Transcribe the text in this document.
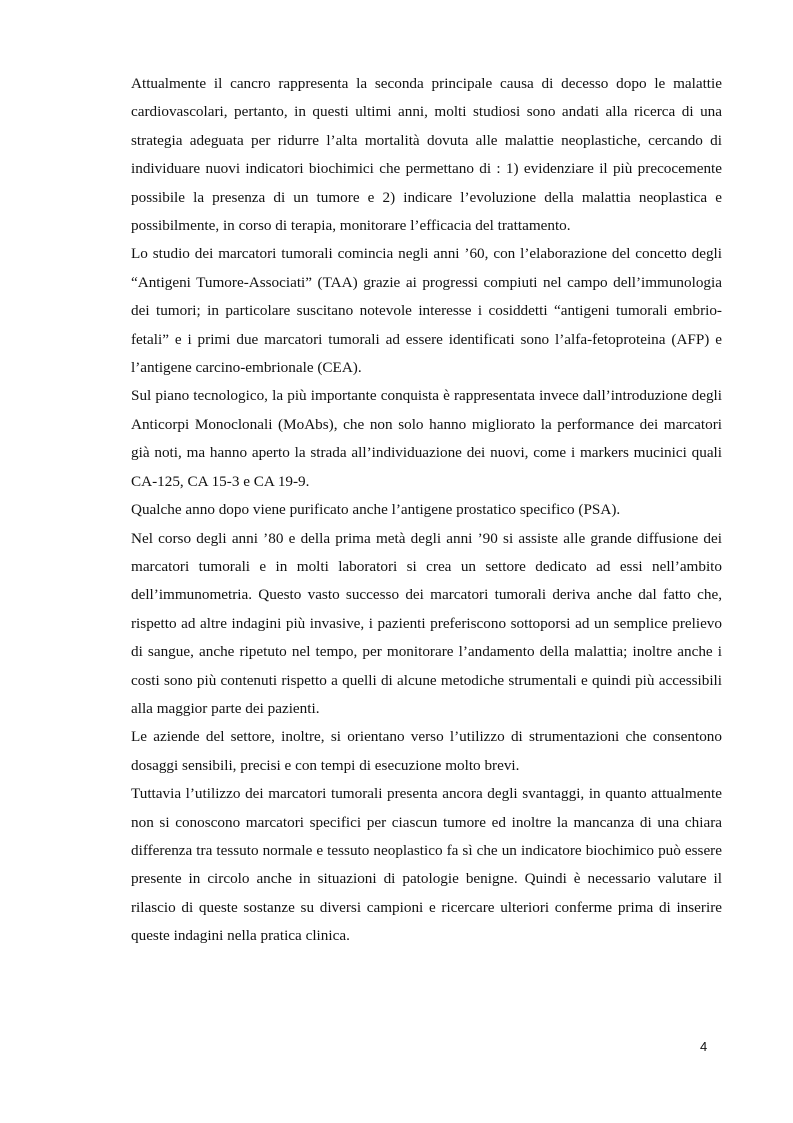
Attualmente il cancro rappresenta la seconda principale causa di decesso dopo le malattie cardiovascolari, pertanto, in questi ultimi anni, molti studiosi sono andati alla ricerca di una strategia adeguata per ridurre l’alta mortalità dovuta alle malattie neoplastiche, cercando di individuare nuovi indicatori biochimici che permettano di : 1) evidenziare il più precocemente possibile la presenza di un tumore e 2) indicare l’evoluzione della malattia neoplastica e possibilmente, in corso di terapia, monitorare l’efficacia del trattamento.

Lo studio dei marcatori tumorali comincia negli anni ’60, con l’elaborazione del concetto degli “Antigeni Tumore-Associati” (TAA) grazie ai progressi compiuti nel campo dell’immunologia dei tumori; in particolare suscitano notevole interesse i cosiddetti “antigeni tumorali embrio-fetali” e i primi due marcatori tumorali ad essere identificati sono l’alfa-fetoproteina (AFP) e l’antigene carcino-embrionale (CEA).

Sul piano tecnologico, la più importante conquista è rappresentata invece dall’introduzione degli Anticorpi Monoclonali (MoAbs), che non solo hanno migliorato la performance dei marcatori già noti, ma hanno aperto la strada all’individuazione dei nuovi, come i markers mucinici quali CA-125, CA 15-3 e CA 19-9.

Qualche anno dopo viene purificato anche l’antigene prostatico specifico (PSA).

Nel corso degli anni ’80 e della prima metà degli anni ’90 si assiste alle grande diffusione dei marcatori tumorali e in molti laboratori si crea un settore dedicato ad essi nell’ambito dell’immunometria. Questo vasto successo dei marcatori tumorali deriva anche dal fatto che, rispetto ad altre indagini più invasive, i pazienti preferiscono sottoporsi ad un semplice prelievo di sangue, anche ripetuto nel tempo, per monitorare l’andamento della malattia; inoltre anche i costi sono più contenuti rispetto a quelli di alcune metodiche strumentali e quindi più accessibili alla maggior parte dei pazienti.

Le aziende del settore, inoltre, si orientano verso l’utilizzo di strumentazioni che consentono dosaggi sensibili, precisi e con tempi di esecuzione molto brevi.

Tuttavia l’utilizzo dei marcatori tumorali presenta ancora degli svantaggi, in quanto attualmente non si conoscono marcatori specifici per ciascun tumore ed inoltre la mancanza di una chiara differenza tra tessuto normale e tessuto neoplastico fa sì che un indicatore biochimico può essere presente in circolo anche in situazioni di patologie benigne. Quindi è necessario valutare il rilascio di queste sostanze su diversi campioni e ricercare ulteriori conferme prima di inserire queste indagini nella pratica clinica.

4
